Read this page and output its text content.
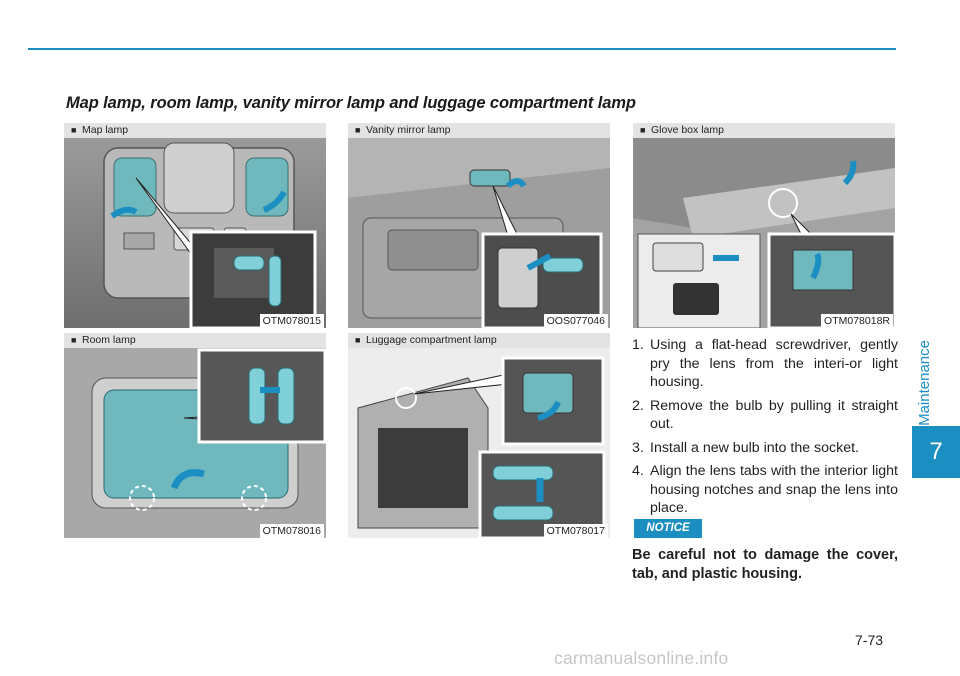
Maintenance
7
Map lamp, room lamp, vanity mirror lamp and luggage compartment lamp
■ Map lamp
OTM078015
■ Vanity mirror lamp
OOS077046
■ Glove box lamp
OTM078018R
■ Room lamp
OTM078016
■ Luggage compartment lamp
OTM078017
1. Using a flat-head screwdriver, gently pry the lens from the interi-or light housing.
2. Remove the bulb by pulling it straight out.
3. Install a new bulb into the socket.
4. Align the lens tabs with the interior light housing notches and snap the lens into place.
NOTICE
Be careful not to damage the cover, tab, and plastic housing.
7-73
carmanualsonline.info
